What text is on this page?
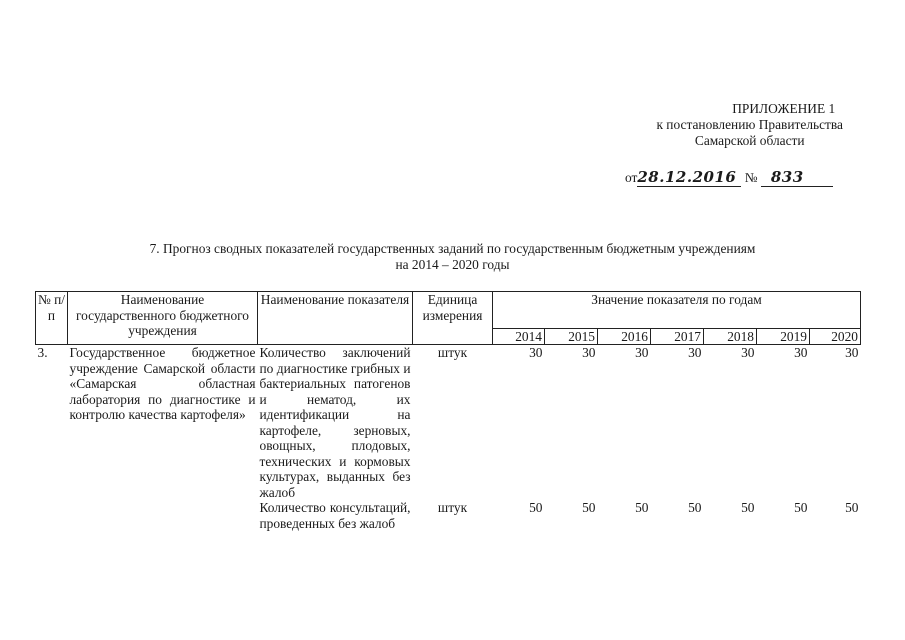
ПРИЛОЖЕНИЕ 1
к постановлению Правительства
Самарской области
от28.12.2016 № 833
7. Прогноз сводных показателей государственных заданий по государственным бюджетным учреждениям
на 2014 – 2020 годы
№ п/п	Наименование государственного бюджетного учреждения	Наименование показателя	Единица измерения	Значение показателя по годам						
				2014	2015	2016	2017	2018	2019	2020
3.	Государственное бюджетное учреждение Самарской области «Самарская областная лаборатория по диагностике и контролю качества картофеля»	Количество заключений по диагностике грибных и бактериальных патогенов и нематод, их идентификации на картофеле, зерновых, овощных, плодовых, технических и кормовых культурах, выданных без жалоб	штук	30	30	30	30	30	30	30
		Количество консультаций, проведенных без жалоб	штук	50	50	50	50	50	50	50
